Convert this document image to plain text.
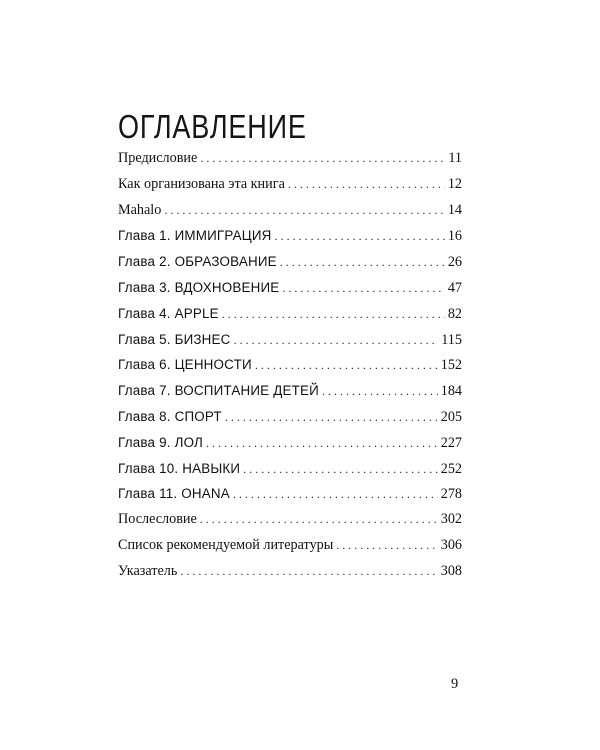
ОГЛАВЛЕНИЕ
Предисловие . . .	11
Как организована эта книга . . .	12
Mahalo . . .	14
Глава 1. ИММИГРАЦИЯ . . .	16
Глава 2. ОБРАЗОВАНИЕ . . .	26
Глава 3. ВДОХНОВЕНИЕ . . .	47
Глава 4. APPLE . . .	82
Глава 5. БИЗНЕС . . .	115
Глава 6. ЦЕННОСТИ . . .	152
Глава 7. ВОСПИТАНИЕ ДЕТЕЙ . . .	184
Глава 8. СПОРТ . . .	205
Глава 9. ЛОЛ . . .	227
Глава 10. НАВЫКИ . . .	252
Глава 11. OHANA . . .	278
Послесловие . . .	302
Список рекомендуемой литературы . . .	306
Указатель . . .	308
9
